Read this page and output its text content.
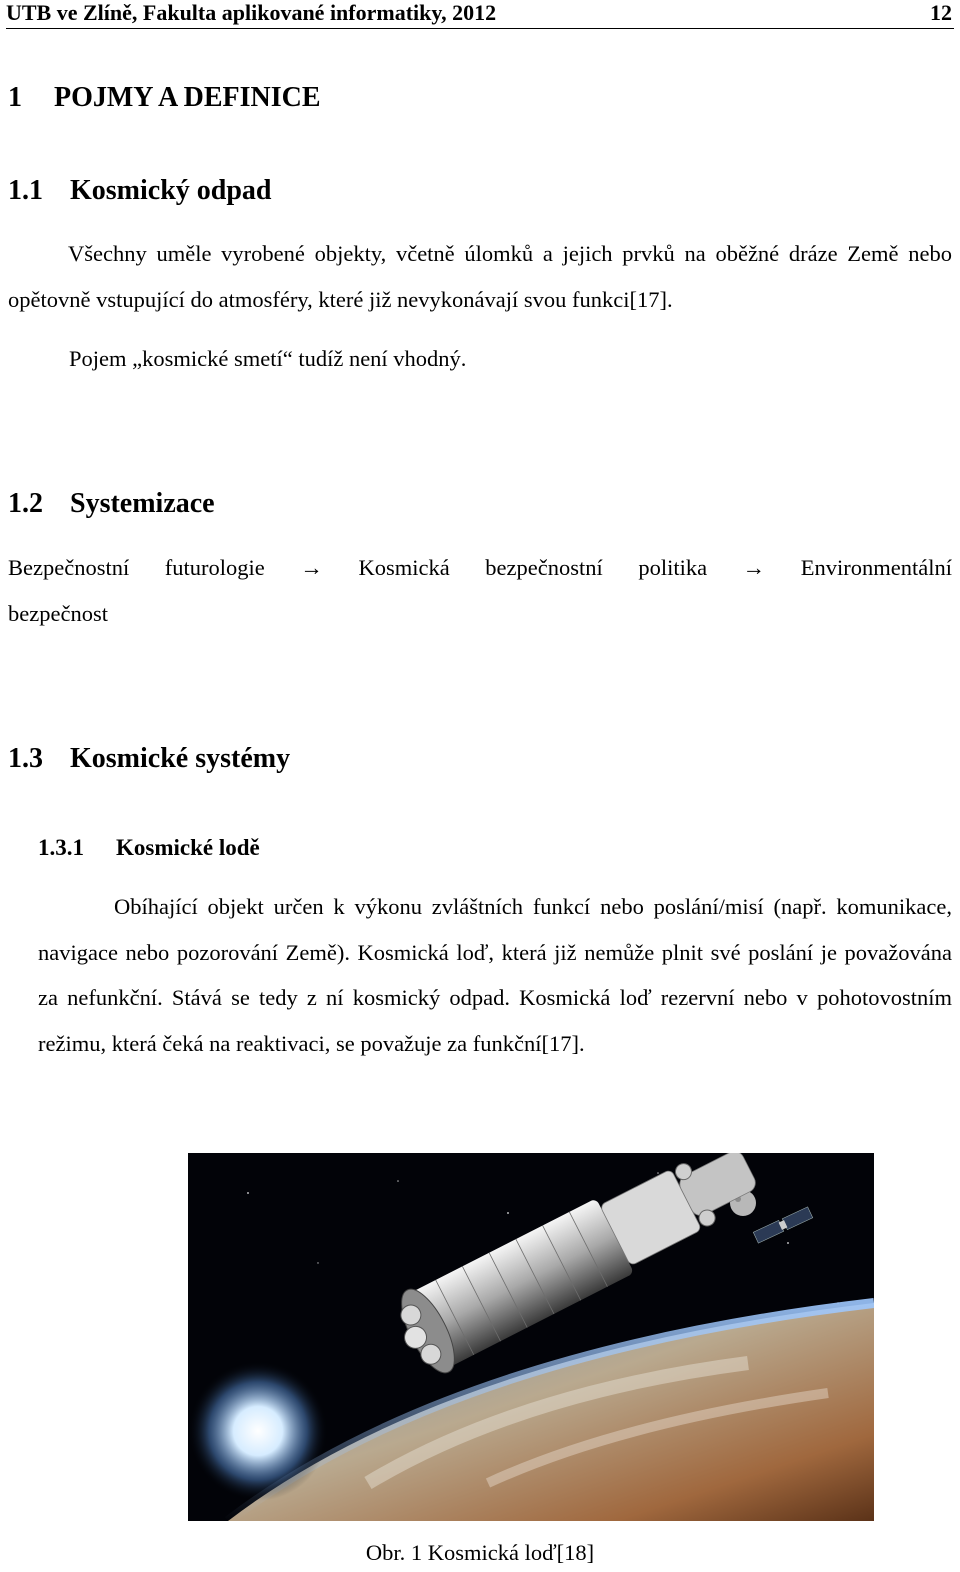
UTB ve Zlíně, Fakulta aplikované informatiky, 2012	12
1 POJMY A DEFINICE
1.1 Kosmický odpad
Všechny uměle vyrobené objekty, včetně úlomků a jejich prvků na oběžné dráze Země nebo opětovně vstupující do atmosféry, které již nevykonávají svou funkci[17].
Pojem „kosmické smetí“ tudíž není vhodný.
1.2 Systemizace
Bezpečnostní futurologie → Kosmická bezpečnostní politika → Environmentální bezpečnost
1.3 Kosmické systémy
1.3.1 Kosmické lodě
Obíhající objekt určen k výkonu zvláštních funkcí nebo poslání/misí (např. komunikace, navigace nebo pozorování Země). Kosmická loď, která již nemůže plnit své poslání je považována za nefunkční. Stává se tedy z ní kosmický odpad. Kosmická loď rezervní nebo v pohotovostním režimu, která čeká na reaktivaci, se považuje za funkční[17].
Obr. 1 Kosmická loď[18]
